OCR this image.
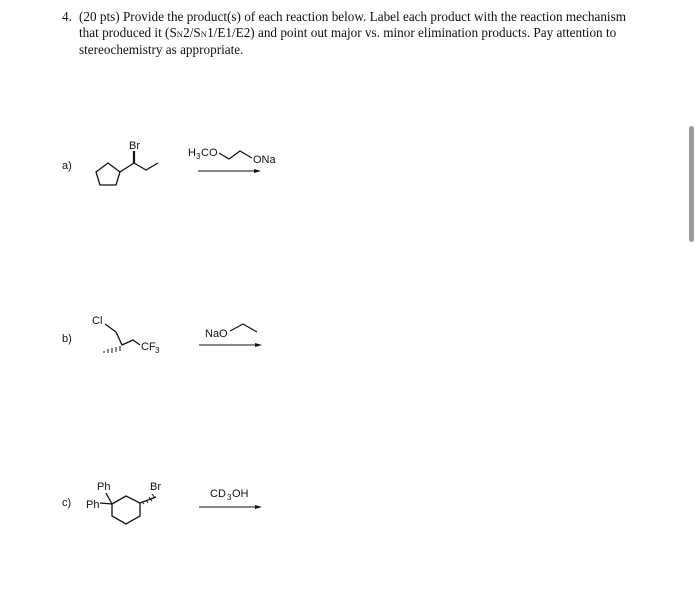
4. (20 pts) Provide the product(s) of each reaction below. Label each product with the reaction mechanism
that produced it (SN2/SN1/E1/E2) and point out major vs. minor elimination products. Pay attention to
stereochemistry as appropriate.
a)
b)
c)
Br
H 3 CO
ONa
Cl
CF 3
NaO
Ph
Ph
Br
CD 3 OH
